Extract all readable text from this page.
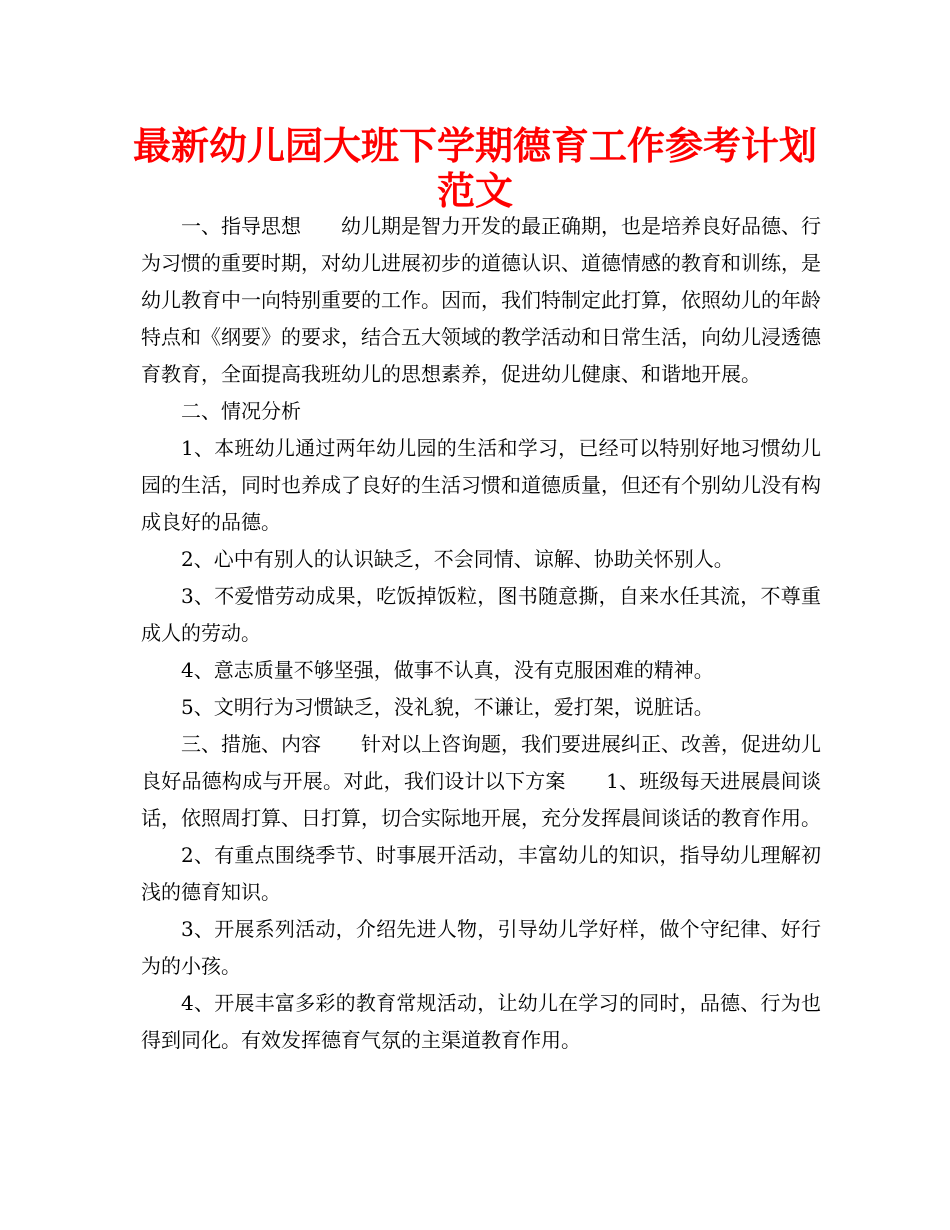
最新幼儿园大班下学期德育工作参考计划
范文

一、指导思想　　幼儿期是智力开发的最正确期，也是培养良好品德、行为习惯的重要时期，对幼儿进展初步的道德认识、道德情感的教育和训练，是幼儿教育中一向特别重要的工作。因而，我们特制定此打算，依照幼儿的年龄特点和《纲要》的要求，结合五大领域的教学活动和日常生活，向幼儿浸透德育教育，全面提高我班幼儿的思想素养，促进幼儿健康、和谐地开展。

二、情况分析

1、本班幼儿通过两年幼儿园的生活和学习，已经可以特别好地习惯幼儿园的生活，同时也养成了良好的生活习惯和道德质量，但还有个别幼儿没有构成良好的品德。

2、心中有别人的认识缺乏，不会同情、谅解、协助关怀别人。

3、不爱惜劳动成果，吃饭掉饭粒，图书随意撕，自来水任其流，不尊重成人的劳动。

4、意志质量不够坚强，做事不认真，没有克服困难的精神。

5、文明行为习惯缺乏，没礼貌，不谦让，爱打架，说脏话。

三、措施、内容　　针对以上咨询题，我们要进展纠正、改善，促进幼儿良好品德构成与开展。对此，我们设计以下方案　　1、班级每天进展晨间谈话，依照周打算、日打算，切合实际地开展，充分发挥晨间谈话的教育作用。

2、有重点围绕季节、时事展开活动，丰富幼儿的知识，指导幼儿理解初浅的德育知识。

3、开展系列活动，介绍先进人物，引导幼儿学好样，做个守纪律、好行为的小孩。

4、开展丰富多彩的教育常规活动，让幼儿在学习的同时，品德、行为也得到同化。有效发挥德育气氛的主渠道教育作用。
